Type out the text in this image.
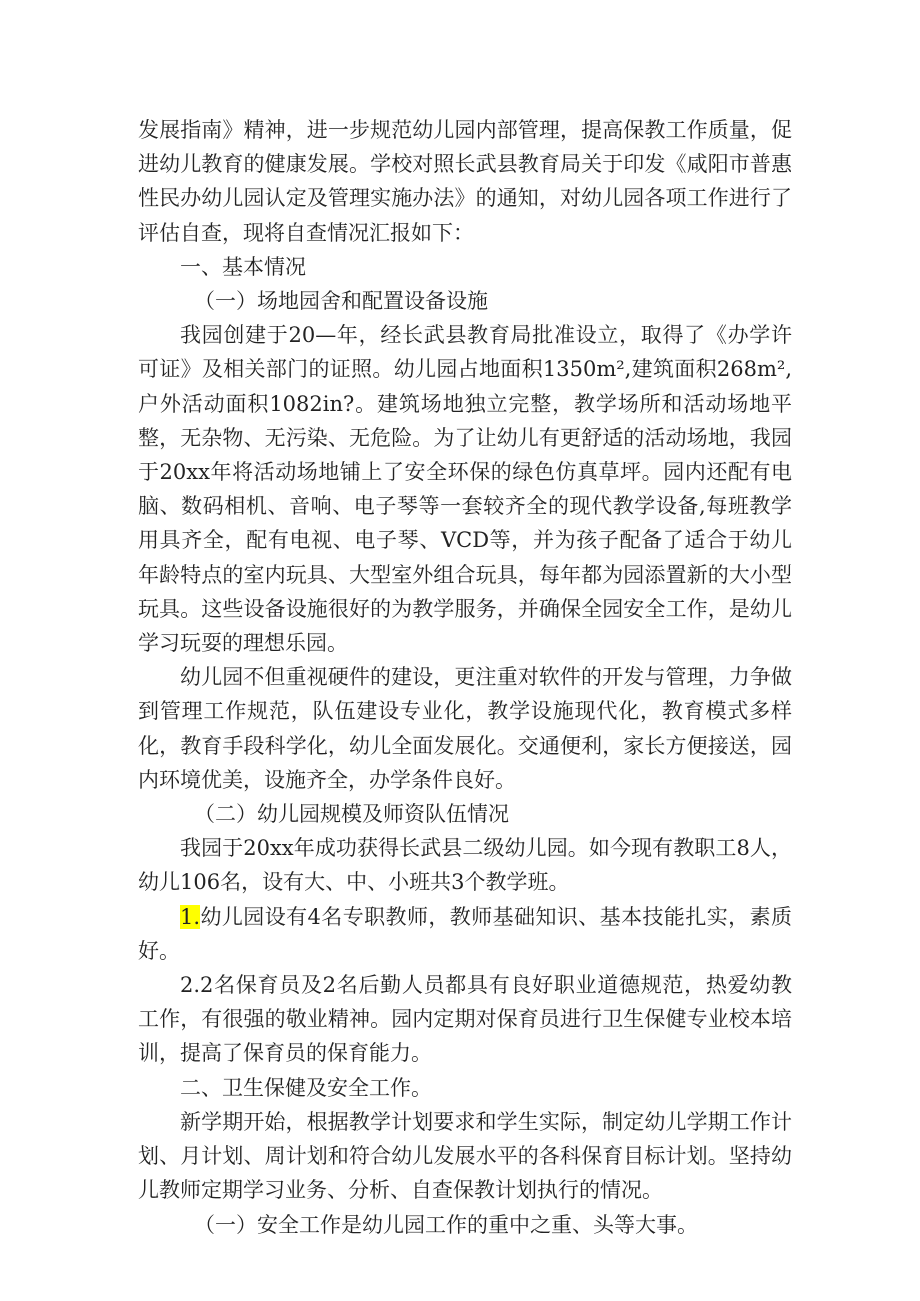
发展指南》精神，进一步规范幼儿园内部管理，提高保教工作质量，促进幼儿教育的健康发展。学校对照长武县教育局关于印发《咸阳市普惠性民办幼儿园认定及管理实施办法》的通知，对幼儿园各项工作进行了评估自查，现将自查情况汇报如下：

一、基本情况

（一）场地园舍和配置设备设施

我园创建于20—年，经长武县教育局批准设立，取得了《办学许可证》及相关部门的证照。幼儿园占地面积1350m²,建筑面积268m²,户外活动面积1082in?。建筑场地独立完整，教学场所和活动场地平整，无杂物、无污染、无危险。为了让幼儿有更舒适的活动场地，我园于20xx年将活动场地铺上了安全环保的绿色仿真草坪。园内还配有电脑、数码相机、音响、电子琴等一套较齐全的现代教学设备,每班教学用具齐全，配有电视、电子琴、VCD等，并为孩子配备了适合于幼儿年龄特点的室内玩具、大型室外组合玩具，每年都为园添置新的大小型玩具。这些设备设施很好的为教学服务，并确保全园安全工作，是幼儿学习玩耍的理想乐园。

幼儿园不但重视硬件的建设，更注重对软件的开发与管理，力争做到管理工作规范，队伍建设专业化，教学设施现代化，教育模式多样化，教育手段科学化，幼儿全面发展化。交通便利，家长方便接送，园内环境优美，设施齐全，办学条件良好。

（二）幼儿园规模及师资队伍情况

我园于20xx年成功获得长武县二级幼儿园。如今现有教职工8人，幼儿106名，设有大、中、小班共3个教学班。

1.幼儿园设有4名专职教师，教师基础知识、基本技能扎实，素质好。

2.2名保育员及2名后勤人员都具有良好职业道德规范，热爱幼教工作，有很强的敬业精神。园内定期对保育员进行卫生保健专业校本培训，提高了保育员的保育能力。

二、卫生保健及安全工作。

新学期开始，根据教学计划要求和学生实际，制定幼儿学期工作计划、月计划、周计划和符合幼儿发展水平的各科保育目标计划。坚持幼儿教师定期学习业务、分析、自查保教计划执行的情况。

（一）安全工作是幼儿园工作的重中之重、头等大事。
